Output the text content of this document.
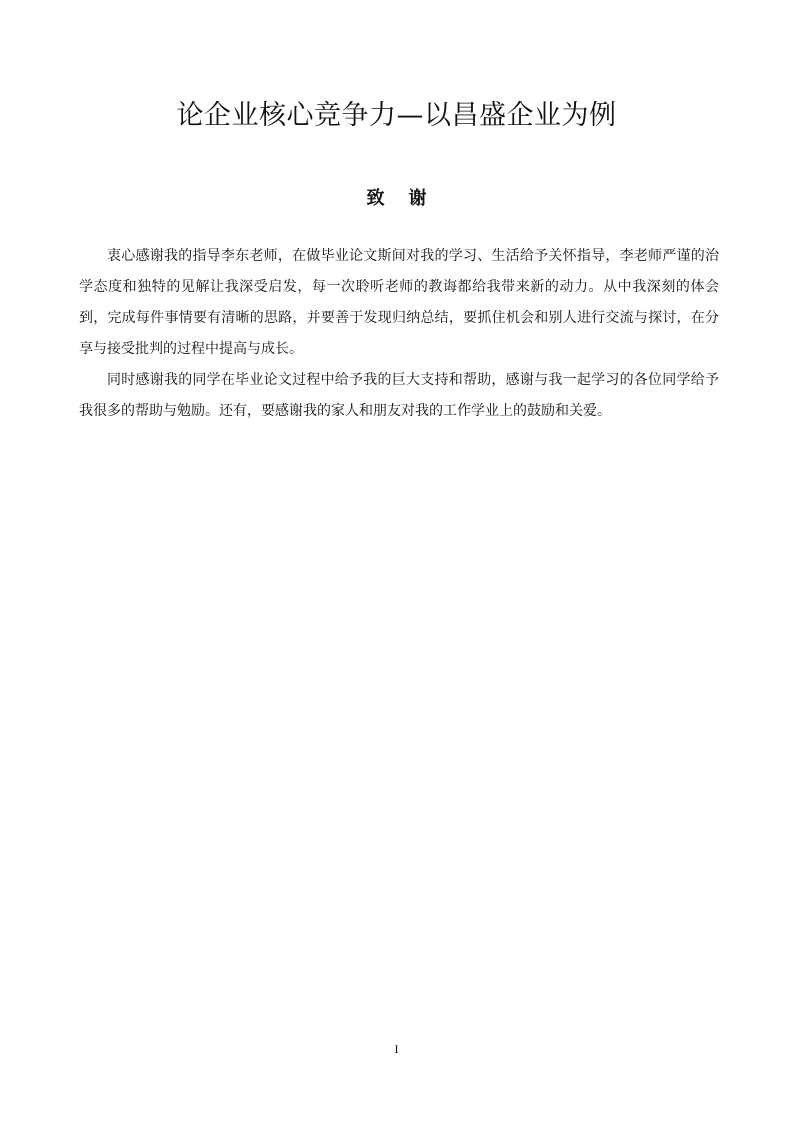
论企业核心竞争力—以昌盛企业为例
致谢

衷心感谢我的指导李东老师，在做毕业论文斯间对我的学习、生活给予关怀指导，李老师严谨的治学态度和独特的见解让我深受启发，每一次聆听老师的教诲都给我带来新的动力。从中我深刻的体会到，完成每件事情要有清晰的思路，并要善于发现归纳总结，要抓住机会和别人进行交流与探讨，在分享与接受批判的过程中提高与成长。

同时感谢我的同学在毕业论文过程中给予我的巨大支持和帮助，感谢与我一起学习的各位同学给予我很多的帮助与勉励。还有，要感谢我的家人和朋友对我的工作学业上的鼓励和关爱。

I
